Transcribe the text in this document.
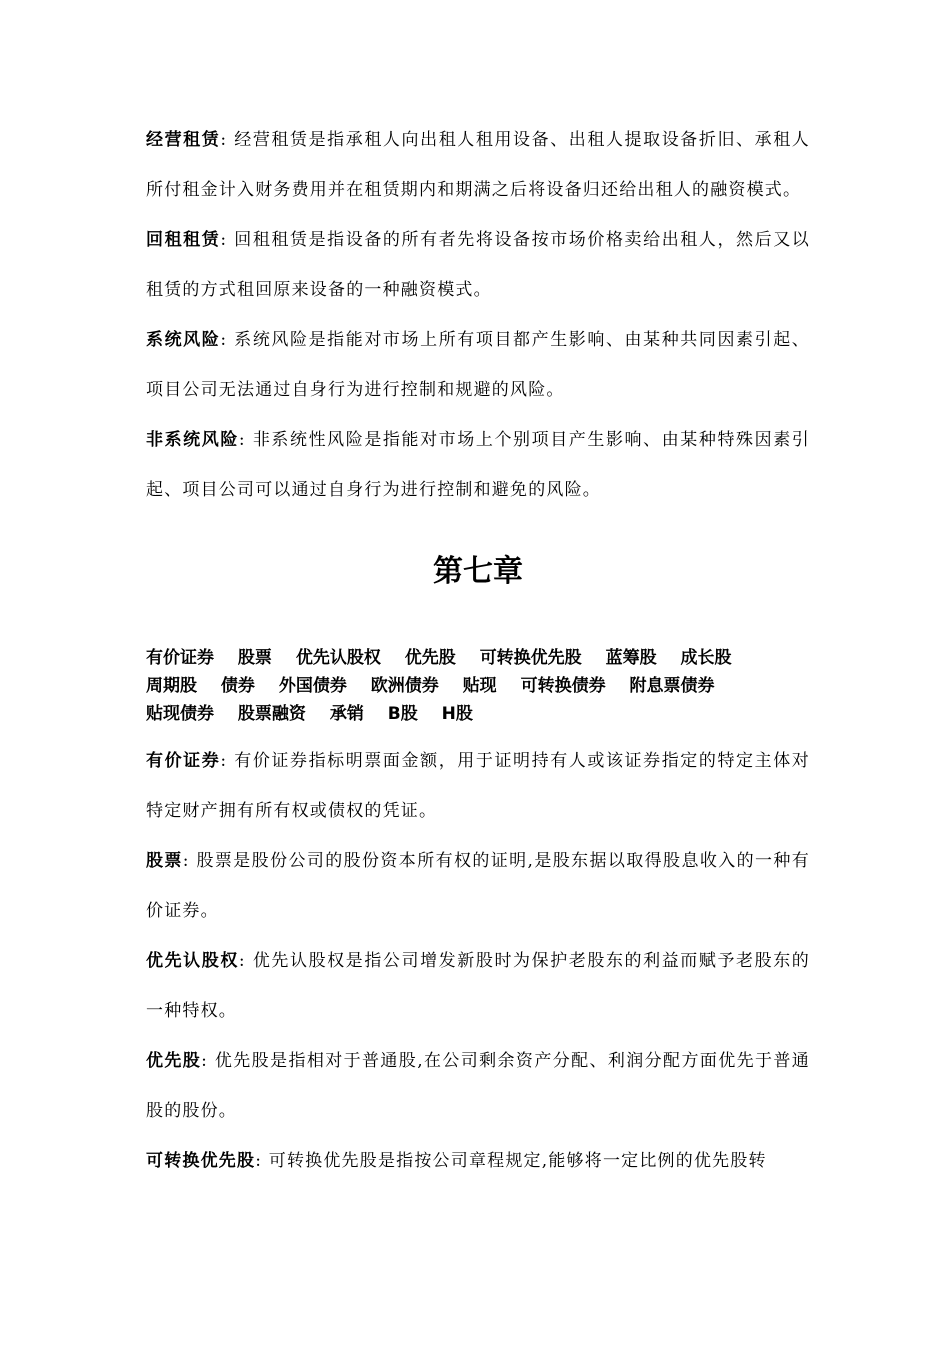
经营租赁: 经营租赁是指承租人向出租人租用设备、出租人提取设备折旧、承租人所付租金计入财务费用并在租赁期内和期满之后将设备归还给出租人的融资模式。

回租租赁: 回租租赁是指设备的所有者先将设备按市场价格卖给出租人，然后又以租赁的方式租回原来设备的一种融资模式。

系统风险: 系统风险是指能对市场上所有项目都产生影响、由某种共同因素引起、项目公司无法通过自身行为进行控制和规避的风险。

非系统风险: 非系统性风险是指能对市场上个别项目产生影响、由某种特殊因素引起、项目公司可以通过自身行为进行控制和避免的风险。

第七章

有价证券 股票 优先认股权 优先股 可转换优先股 蓝筹股 成长股 周期股 债券 外国债券 欧洲债券 贴现 可转换债券 附息票债券 贴现债券 股票融资 承销 B股 H股

有价证券: 有价证券指标明票面金额，用于证明持有人或该证券指定的特定主体对特定财产拥有所有权或债权的凭证。

股票: 股票是股份公司的股份资本所有权的证明,是股东据以取得股息收入的一种有价证券。

优先认股权: 优先认股权是指公司增发新股时为保护老股东的利益而赋予老股东的一种特权。

优先股: 优先股是指相对于普通股,在公司剩余资产分配、利润分配方面优先于普通股的股份。

可转换优先股: 可转换优先股是指按公司章程规定,能够将一定比例的优先股转
